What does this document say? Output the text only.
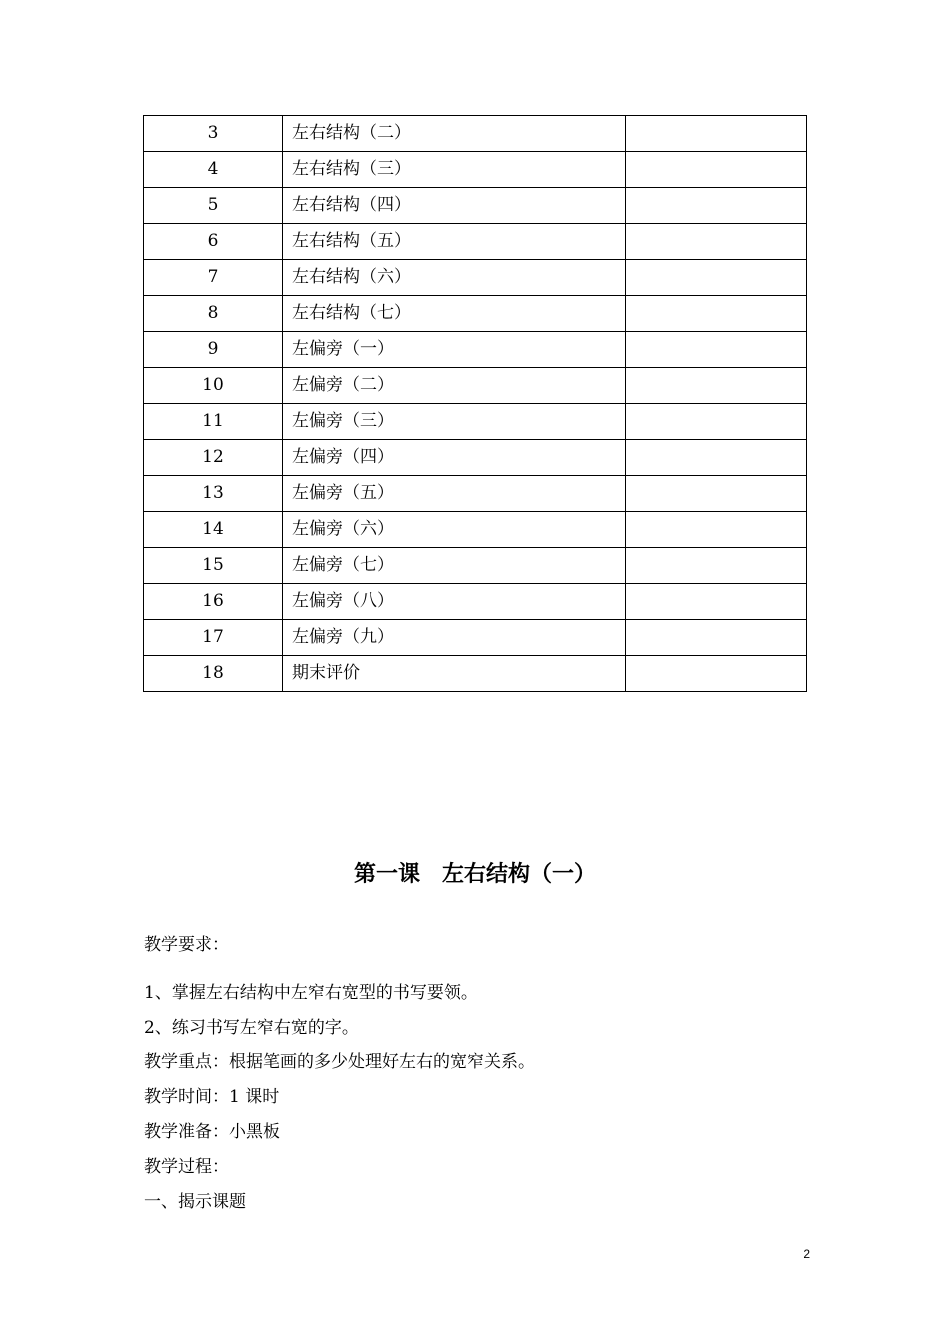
3	左右结构（二）	
4	左右结构（三）	
5	左右结构（四）	
6	左右结构（五）	
7	左右结构（六）	
8	左右结构（七）	
9	左偏旁（一）	
10	左偏旁（二）	
11	左偏旁（三）	
12	左偏旁（四）	
13	左偏旁（五）	
14	左偏旁（六）	
15	左偏旁（七）	
16	左偏旁（八）	
17	左偏旁（九）	
18	期末评价	
第一课　左右结构（一）
教学要求：
1、掌握左右结构中左窄右宽型的书写要领。
2、练习书写左窄右宽的字。
教学重点：根据笔画的多少处理好左右的宽窄关系。
教学时间：1 课时
教学准备：小黑板
教学过程：
一、揭示课题
2
